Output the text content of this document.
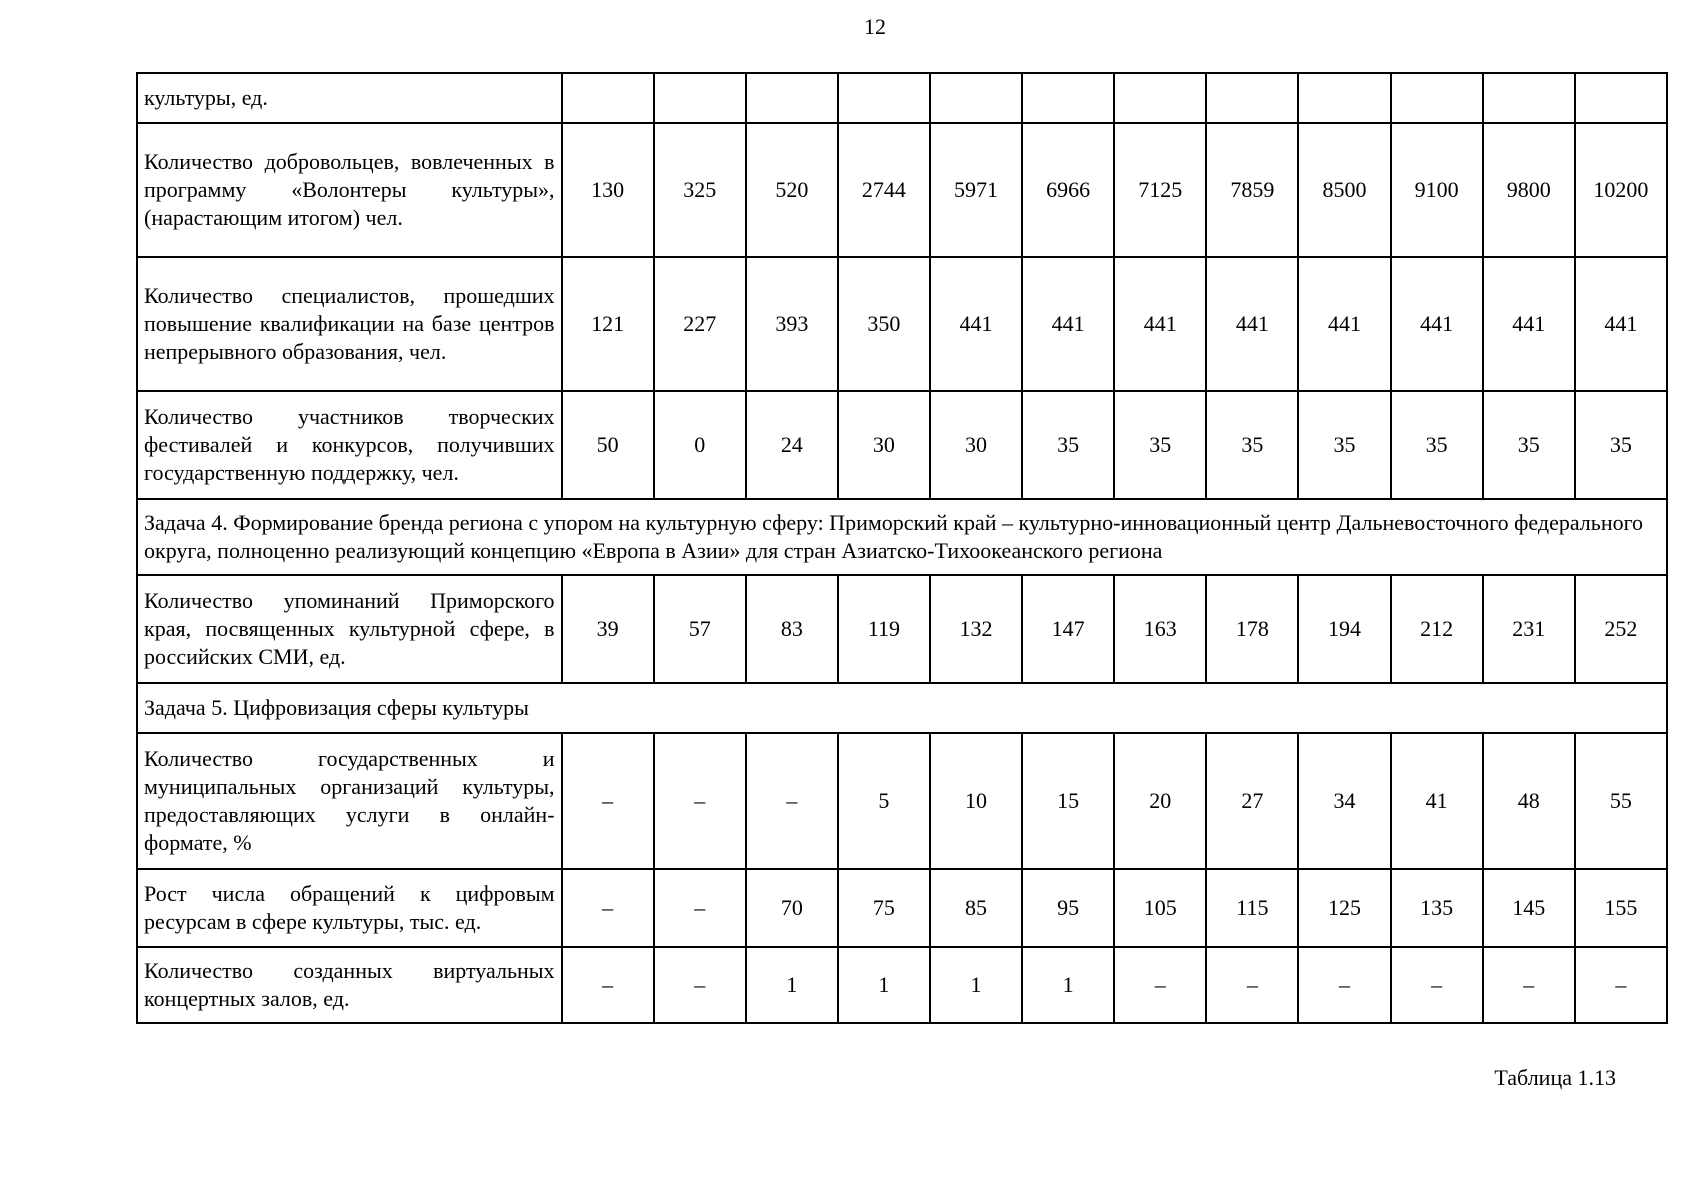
12
культуры, ед.												
Количество добровольцев, вовлеченных в программу «Волонтеры культуры», (нарастающим итогом) чел.	130	325	520	2744	5971	6966	7125	7859	8500	9100	9800	10200
Количество специалистов, прошедших повышение квалификации на базе центров непрерывного образования, чел.	121	227	393	350	441	441	441	441	441	441	441	441
Количество участников творческих фестивалей и конкурсов, получивших государственную поддержку, чел.	50	0	24	30	30	35	35	35	35	35	35	35
Задача 4. Формирование бренда региона с упором на культурную сферу: Приморский край – культурно-инновационный центр Дальневосточного федерального округа, полноценно реализующий концепцию «Европа в Азии» для стран Азиатско-Тихоокеанского региона												
Количество упоминаний Приморского края, посвященных культурной сфере, в российских СМИ, ед.	39	57	83	119	132	147	163	178	194	212	231	252
Задача 5. Цифровизация сферы культуры												
Количество государственных и муниципальных организаций культуры, предоставляющих услуги в онлайн-формате, %	–	–	–	5	10	15	20	27	34	41	48	55
Рост числа обращений к цифровым ресурсам в сфере культуры, тыс. ед.	–	–	70	75	85	95	105	115	125	135	145	155
Количество созданных виртуальных концертных залов, ед.	–	–	1	1	1	1	–	–	–	–	–	–
Таблица 1.13
